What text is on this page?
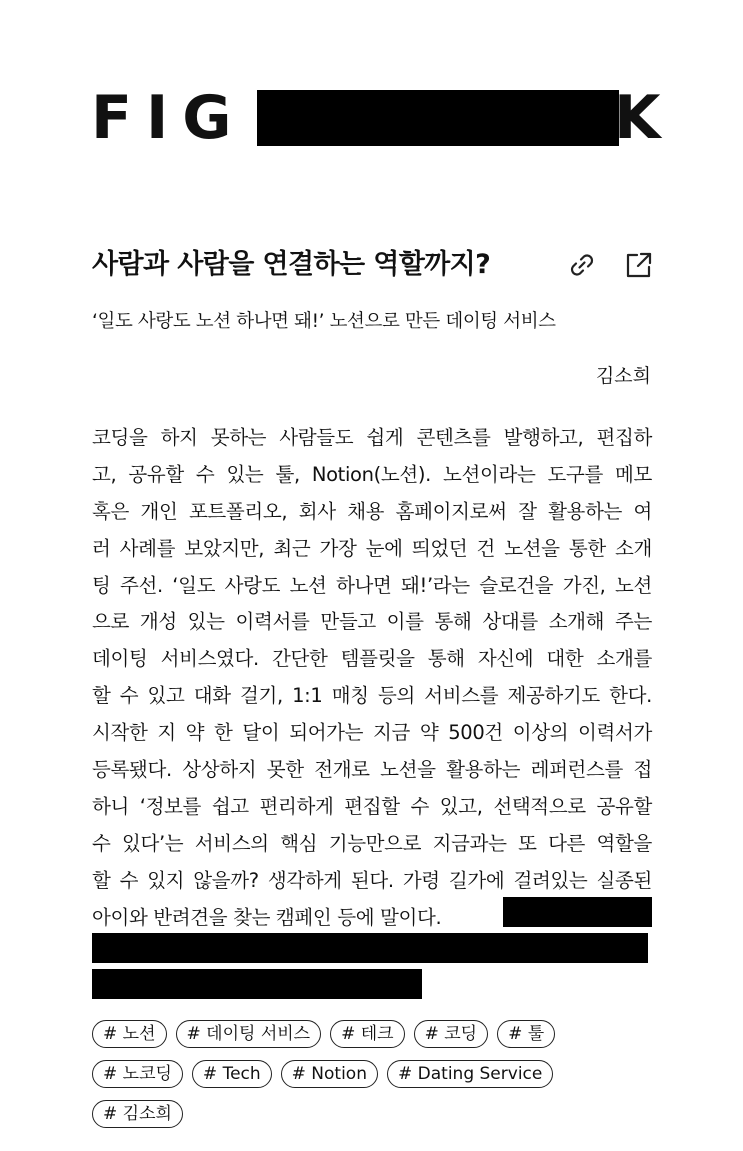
FIG	K
사람과 사람을 연결하는 역할까지?
‘일도 사랑도 노션 하나면 돼!’ 노션으로 만든 데이팅 서비스
김소희
코딩을 하지 못하는 사람들도 쉽게 콘텐츠를 발행하고, 편집하
고, 공유할 수 있는 툴, Notion(노션). 노션이라는 도구를 메모
혹은 개인 포트폴리오, 회사 채용 홈페이지로써 잘 활용하는 여
러 사례를 보았지만, 최근 가장 눈에 띄었던 건 노션을 통한 소개
팅 주선. ‘일도 사랑도 노션 하나면 돼!’라는 슬로건을 가진, 노션
으로 개성 있는 이력서를 만들고 이를 통해 상대를 소개해 주는
데이팅 서비스였다. 간단한 템플릿을 통해 자신에 대한 소개를
할 수 있고 대화 걸기, 1:1 매칭 등의 서비스를 제공하기도 한다.
시작한 지 약 한 달이 되어가는 지금 약 500건 이상의 이력서가
등록됐다. 상상하지 못한 전개로 노션을 활용하는 레퍼런스를 접
하니 ‘정보를 쉽고 편리하게 편집할 수 있고, 선택적으로 공유할
수 있다’는 서비스의 핵심 기능만으로 지금과는 또 다른 역할을
할 수 있지 않을까? 생각하게 된다. 가령 길가에 걸려있는 실종된
아이와 반려견을 찾는 캠페인 등에 말이다.
# 노션	# 데이팅 서비스	# 테크	# 코딩	# 툴
# 노코딩	# Tech	# Notion	# Dating Service
# 김소희
